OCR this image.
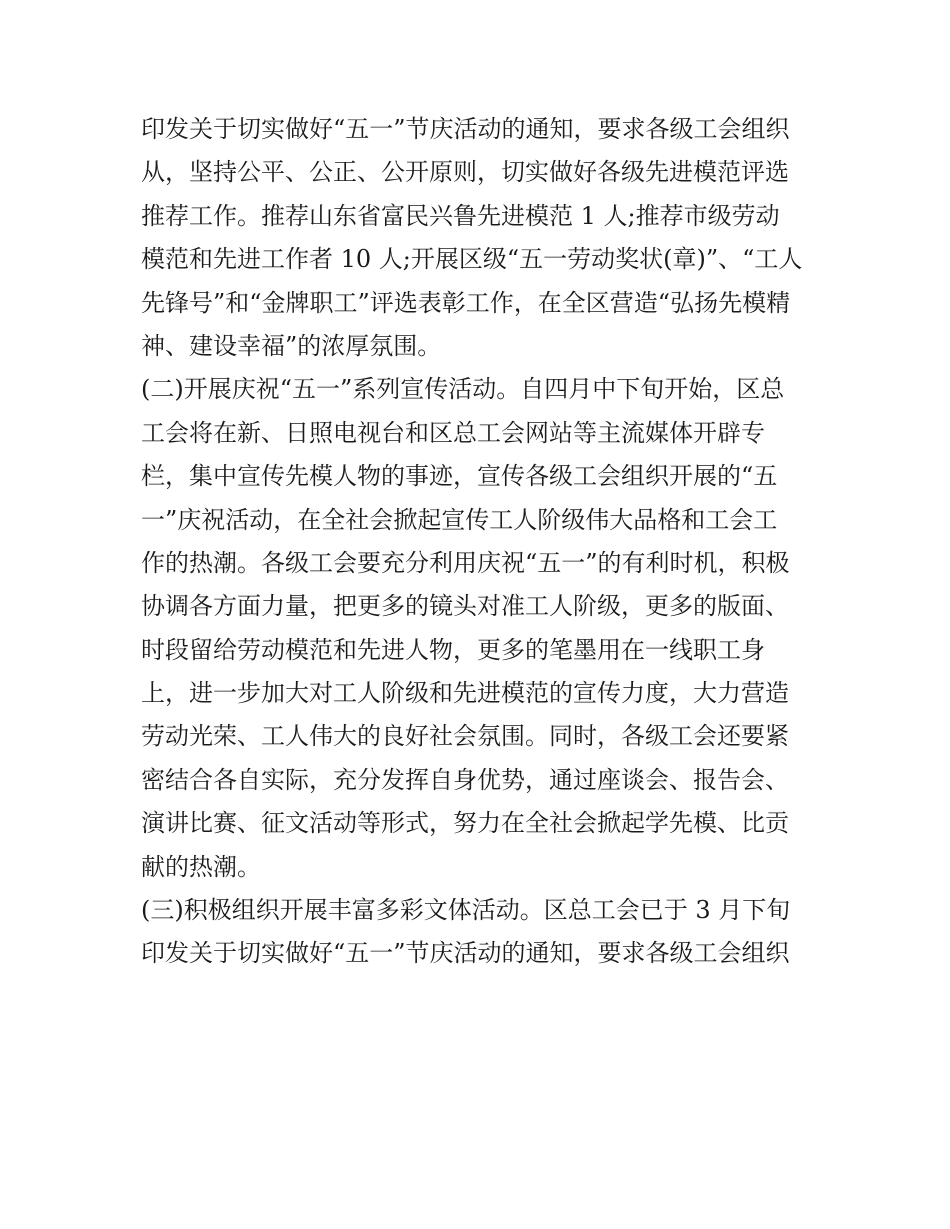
印发关于切实做好“五一”节庆活动的通知，要求各级工会组织
从，坚持公平、公正、公开原则，切实做好各级先进模范评选
推荐工作。推荐山东省富民兴鲁先进模范 1 人;推荐市级劳动
模范和先进工作者 10 人;开展区级“五一劳动奖状(章)”、“工人
先锋号”和“金牌职工”评选表彰工作，在全区营造“弘扬先模精
神、建设幸福”的浓厚氛围。
(二)开展庆祝“五一”系列宣传活动。自四月中下旬开始，区总
工会将在新、日照电视台和区总工会网站等主流媒体开辟专
栏，集中宣传先模人物的事迹，宣传各级工会组织开展的“五
一”庆祝活动，在全社会掀起宣传工人阶级伟大品格和工会工
作的热潮。各级工会要充分利用庆祝“五一”的有利时机，积极
协调各方面力量，把更多的镜头对准工人阶级，更多的版面、
时段留给劳动模范和先进人物，更多的笔墨用在一线职工身
上，进一步加大对工人阶级和先进模范的宣传力度，大力营造
劳动光荣、工人伟大的良好社会氛围。同时，各级工会还要紧
密结合各自实际，充分发挥自身优势，通过座谈会、报告会、
演讲比赛、征文活动等形式，努力在全社会掀起学先模、比贡
献的热潮。
(三)积极组织开展丰富多彩文体活动。区总工会已于 3 月下旬
印发关于切实做好“五一”节庆活动的通知，要求各级工会组织
